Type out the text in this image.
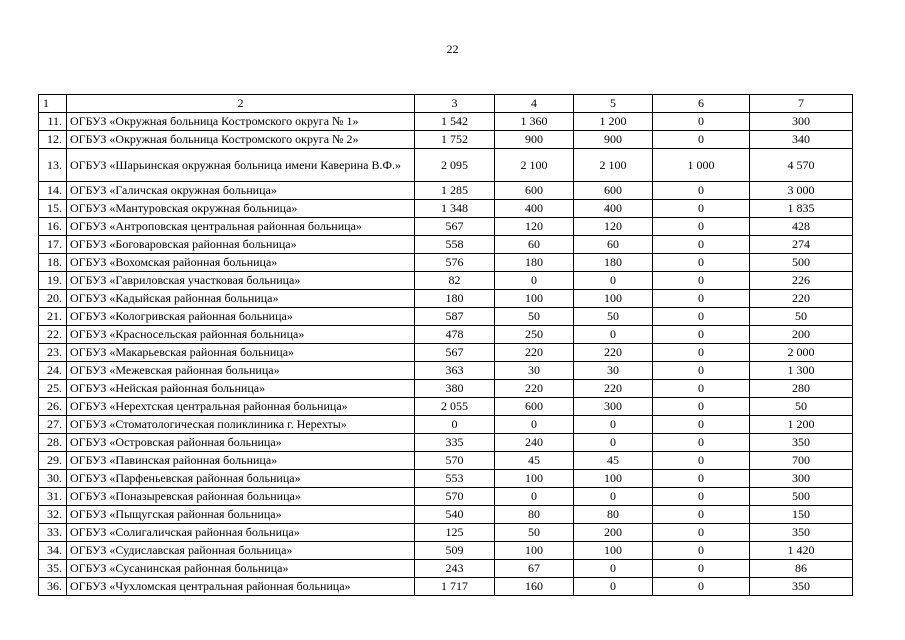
22
1	2	3	4	5	6	7
11.	ОГБУЗ «Окружная больница Костромского округа № 1»	1 542	1 360	1 200	0	300
12.	ОГБУЗ «Окружная больница Костромского округа № 2»	1 752	900	900	0	340
13.	ОГБУЗ «Шарьинская окружная больница имени Каверина В.Ф.»	2 095	2 100	2 100	1 000	4 570
14.	ОГБУЗ «Галичская окружная больница»	1 285	600	600	0	3 000
15.	ОГБУЗ «Мантуровская окружная больница»	1 348	400	400	0	1 835
16.	ОГБУЗ «Антроповская центральная районная больница»	567	120	120	0	428
17.	ОГБУЗ «Боговаровская районная больница»	558	60	60	0	274
18.	ОГБУЗ «Вохомская районная больница»	576	180	180	0	500
19.	ОГБУЗ «Гавриловская участковая больница»	82	0	0	0	226
20.	ОГБУЗ «Кадыйская районная больница»	180	100	100	0	220
21.	ОГБУЗ «Кологривская районная больница»	587	50	50	0	50
22.	ОГБУЗ «Красносельская районная больница»	478	250	0	0	200
23.	ОГБУЗ «Макарьевская районная больница»	567	220	220	0	2 000
24.	ОГБУЗ «Межевская районная больница»	363	30	30	0	1 300
25.	ОГБУЗ «Нейская районная больница»	380	220	220	0	280
26.	ОГБУЗ «Нерехтская центральная районная больница»	2 055	600	300	0	50
27.	ОГБУЗ «Стоматологическая поликлиника г. Нерехты»	0	0	0	0	1 200
28.	ОГБУЗ «Островская районная больница»	335	240	0	0	350
29.	ОГБУЗ «Павинская районная больница»	570	45	45	0	700
30.	ОГБУЗ «Парфеньевская районная больница»	553	100	100	0	300
31.	ОГБУЗ «Поназыревская районная больница»	570	0	0	0	500
32.	ОГБУЗ «Пыщугская районная больница»	540	80	80	0	150
33.	ОГБУЗ «Солигаличская районная больница»	125	50	200	0	350
34.	ОГБУЗ «Судиславская районная больница»	509	100	100	0	1 420
35.	ОГБУЗ «Сусанинская районная больница»	243	67	0	0	86
36.	ОГБУЗ «Чухломская центральная районная больница»	1 717	160	0	0	350
